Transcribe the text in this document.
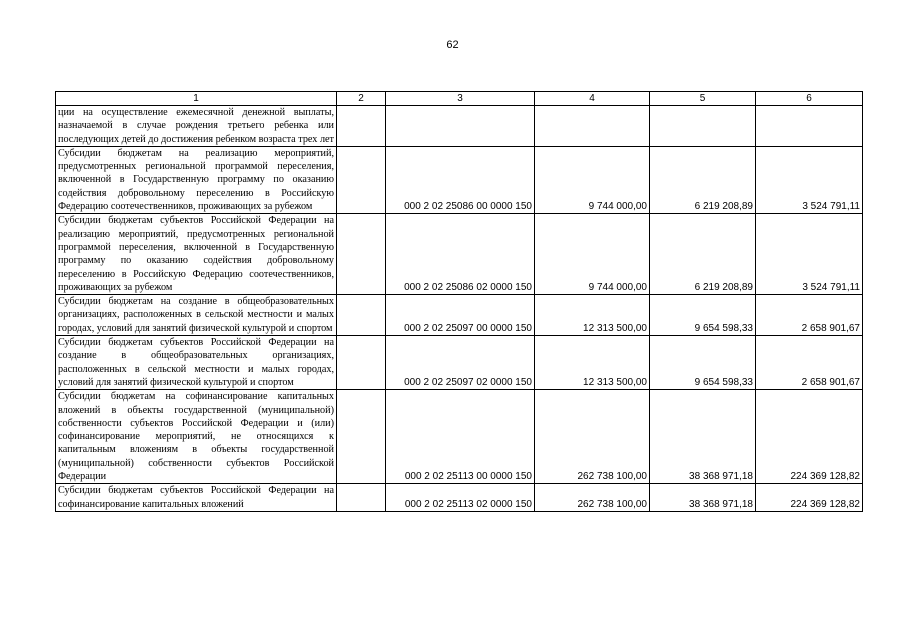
62
1	2	3	4	5	6
ции на осуществление ежемесячной денежной выплаты, назначаемой в случае рождения третьего ребенка или последующих детей до достижения ребенком возраста трех лет					
Субсидии бюджетам на реализацию мероприятий, предусмотренных региональной программой переселения, включенной в Государственную программу по оказанию содействия добровольному переселению в Российскую Федерацию соотечественников, проживающих за рубежом		000 2 02 25086 00 0000 150	9 744 000,00	6 219 208,89	3 524 791,11
Субсидии бюджетам субъектов Российской Федерации на реализацию мероприятий, предусмотренных региональной программой переселения, включенной в Государственную программу по оказанию содействия добровольному переселению в Российскую Федерацию соотечественников, проживающих за рубежом		000 2 02 25086 02 0000 150	9 744 000,00	6 219 208,89	3 524 791,11
Субсидии бюджетам на создание в общеобразовательных организациях, расположенных в сельской местности и малых городах, условий для занятий физической культурой и спортом		000 2 02 25097 00 0000 150	12 313 500,00	9 654 598,33	2 658 901,67
Субсидии бюджетам субъектов Российской Федерации на создание в общеобразовательных организациях, расположенных в сельской местности и малых городах, условий для занятий физической культурой и спортом		000 2 02 25097 02 0000 150	12 313 500,00	9 654 598,33	2 658 901,67
Субсидии бюджетам на софинансирование капитальных вложений в объекты государственной (муниципальной) собственности субъектов Российской Федерации и (или) софинансирование мероприятий, не относящихся к капитальным вложениям в объекты государственной (муниципальной) собственности субъектов Российской Федерации		000 2 02 25113 00 0000 150	262 738 100,00	38 368 971,18	224 369 128,82
Субсидии бюджетам субъектов Российской Федерации на софинансирование капитальных вложений		000 2 02 25113 02 0000 150	262 738 100,00	38 368 971,18	224 369 128,82
